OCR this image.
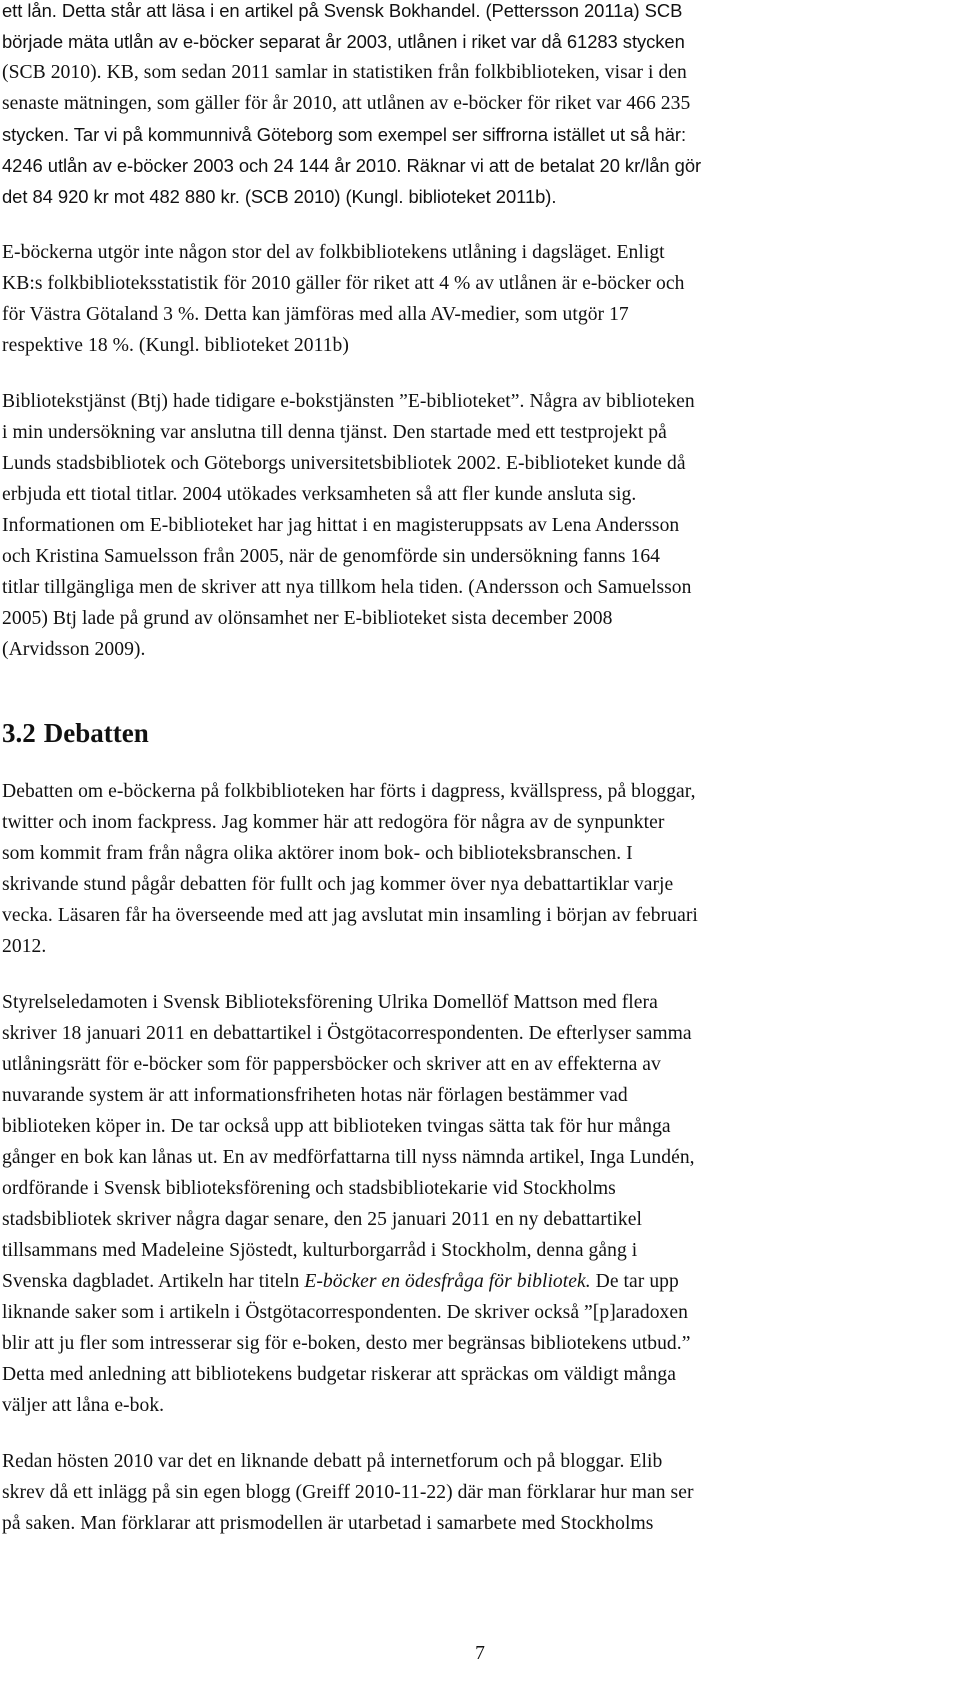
ett lån. Detta står att läsa i en artikel på Svensk Bokhandel. (Pettersson 2011a) SCB
började mäta utlån av e-böcker separat år 2003, utlånen i riket var då 61283 stycken
(SCB 2010). KB, som sedan 2011 samlar in statistiken från folkbiblioteken, visar i den
senaste mätningen, som gäller för år 2010, att utlånen av e-böcker för riket var 466 235
stycken. Tar vi på kommunnivå Göteborg som exempel ser siffrorna istället ut så här:
4246 utlån av e-böcker 2003 och 24 144 år 2010. Räknar vi att de betalat 20 kr/lån gör
det 84 920 kr mot 482 880 kr. (SCB 2010) (Kungl. biblioteket 2011b).

E-böckerna utgör inte någon stor del av folkbibliotekens utlåning i dagsläget. Enligt
KB:s folkbiblioteksstatistik för 2010 gäller för riket att 4 % av utlånen är e-böcker och
för Västra Götaland 3 %. Detta kan jämföras med alla AV-medier, som utgör 17
respektive 18 %. (Kungl. biblioteket 2011b)

Bibliotekstjänst (Btj) hade tidigare e-bokstjänsten ”E-biblioteket”. Några av biblioteken
i min undersökning var anslutna till denna tjänst. Den startade med ett testprojekt på
Lunds stadsbibliotek och Göteborgs universitetsbibliotek 2002. E-biblioteket kunde då
erbjuda ett tiotal titlar. 2004 utökades verksamheten så att fler kunde ansluta sig.
Informationen om E-biblioteket har jag hittat i en magisteruppsats av Lena Andersson
och Kristina Samuelsson från 2005, när de genomförde sin undersökning fanns 164
titlar tillgängliga men de skriver att nya tillkom hela tiden. (Andersson och Samuelsson
2005) Btj lade på grund av olönsamhet ner E-biblioteket sista december 2008
(Arvidsson 2009).

3.2 Debatten

Debatten om e-böckerna på folkbiblioteken har förts i dagpress, kvällspress, på bloggar,
twitter och inom fackpress. Jag kommer här att redogöra för några av de synpunkter
som kommit fram från några olika aktörer inom bok- och biblioteksbranschen. I
skrivande stund pågår debatten för fullt och jag kommer över nya debattartiklar varje
vecka. Läsaren får ha överseende med att jag avslutat min insamling i början av februari
2012.

Styrelseledamoten i Svensk Biblioteksförening Ulrika Domellöf Mattson med flera
skriver 18 januari 2011 en debattartikel i Östgötacorrespondenten. De efterlyser samma
utlåningsrätt för e-böcker som för pappersböcker och skriver att en av effekterna av
nuvarande system är att informationsfriheten hotas när förlagen bestämmer vad
biblioteken köper in. De tar också upp att biblioteken tvingas sätta tak för hur många
gånger en bok kan lånas ut. En av medförfattarna till nyss nämnda artikel, Inga Lundén,
ordförande i Svensk biblioteksförening och stadsbibliotekarie vid Stockholms
stadsbibliotek skriver några dagar senare, den 25 januari 2011 en ny debattartikel
tillsammans med Madeleine Sjöstedt, kulturborgarråd i Stockholm, denna gång i
Svenska dagbladet. Artikeln har titeln E-böcker en ödesfråga för bibliotek. De tar upp
liknande saker som i artikeln i Östgötacorrespondenten. De skriver också ”[p]aradoxen
blir att ju fler som intresserar sig för e-boken, desto mer begränsas bibliotekens utbud.”
Detta med anledning att bibliotekens budgetar riskerar att spräckas om väldigt många
väljer att låna e-bok.

Redan hösten 2010 var det en liknande debatt på internetforum och på bloggar. Elib
skrev då ett inlägg på sin egen blogg (Greiff 2010-11-22) där man förklarar hur man ser
på saken. Man förklarar att prismodellen är utarbetad i samarbete med Stockholms

7
